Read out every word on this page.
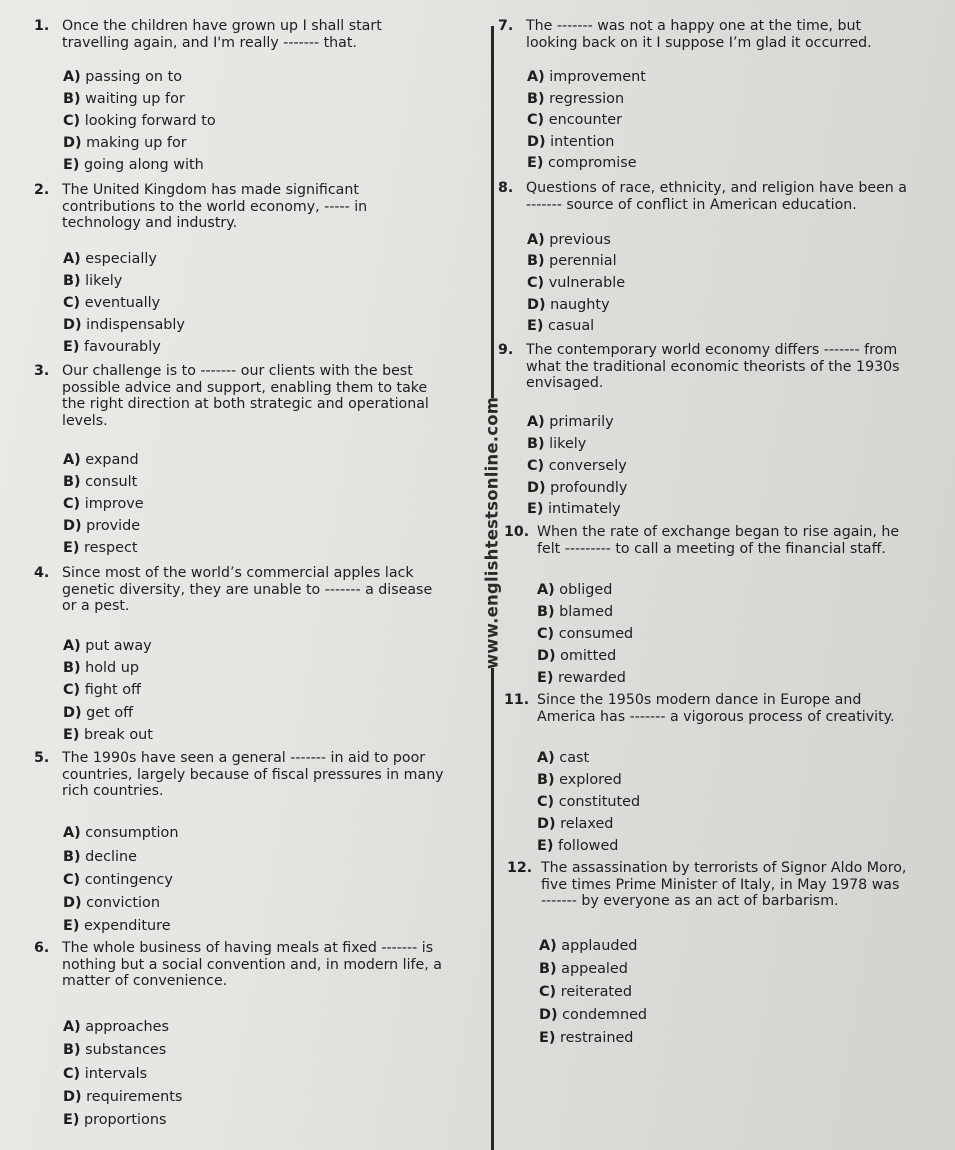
www.englishtestsonline.com
1. Once the children have grown up I shall start
travelling again, and I'm really ------- that.
A) passing on to
B) waiting up for
C) looking forward to
D) making up for
E) going along with
2. The United Kingdom has made significant
contributions to the world economy, ----- in
technology and industry.
A) especially
B) likely
C) eventually
D) indispensably
E) favourably
3. Our challenge is to ------- our clients with the best
possible advice and support, enabling them to take
the right direction at both strategic and operational
levels.
A) expand
B) consult
C) improve
D) provide
E) respect
4. Since most of the world’s commercial apples lack
genetic diversity, they are unable to ------- a disease
or a pest.
A) put away
B) hold up
C) fight off
D) get off
E) break out
5. The 1990s have seen a general ------- in aid to poor
countries, largely because of fiscal pressures in many
rich countries.
A) consumption
B) decline
C) contingency
D) conviction
E) expenditure
6. The whole business of having meals at fixed ------- is
nothing but a social convention and, in modern life, a
matter of convenience.
A) approaches
B) substances
C) intervals
D) requirements
E) proportions
7. The ------- was not a happy one at the time, but
looking back on it I suppose I’m glad it occurred.
A) improvement
B) regression
C) encounter
D) intention
E) compromise
8. Questions of race, ethnicity, and religion have been a
------- source of conflict in American education.
A) previous
B) perennial
C) vulnerable
D) naughty
E) casual
9. The contemporary world economy differs ------- from
what the traditional economic theorists of the 1930s
envisaged.
A) primarily
B) likely
C) conversely
D) profoundly
E) intimately
10. When the rate of exchange began to rise again, he
felt --------- to call a meeting of the financial staff.
A) obliged
B) blamed
C) consumed
D) omitted
E) rewarded
11. Since the 1950s modern dance in Europe and
America has ------- a vigorous process of creativity.
A) cast
B) explored
C) constituted
D) relaxed
E) followed
12. The assassination by terrorists of Signor Aldo Moro,
five times Prime Minister of Italy, in May 1978 was
------- by everyone as an act of barbarism.
A) applauded
B) appealed
C) reiterated
D) condemned
E) restrained
